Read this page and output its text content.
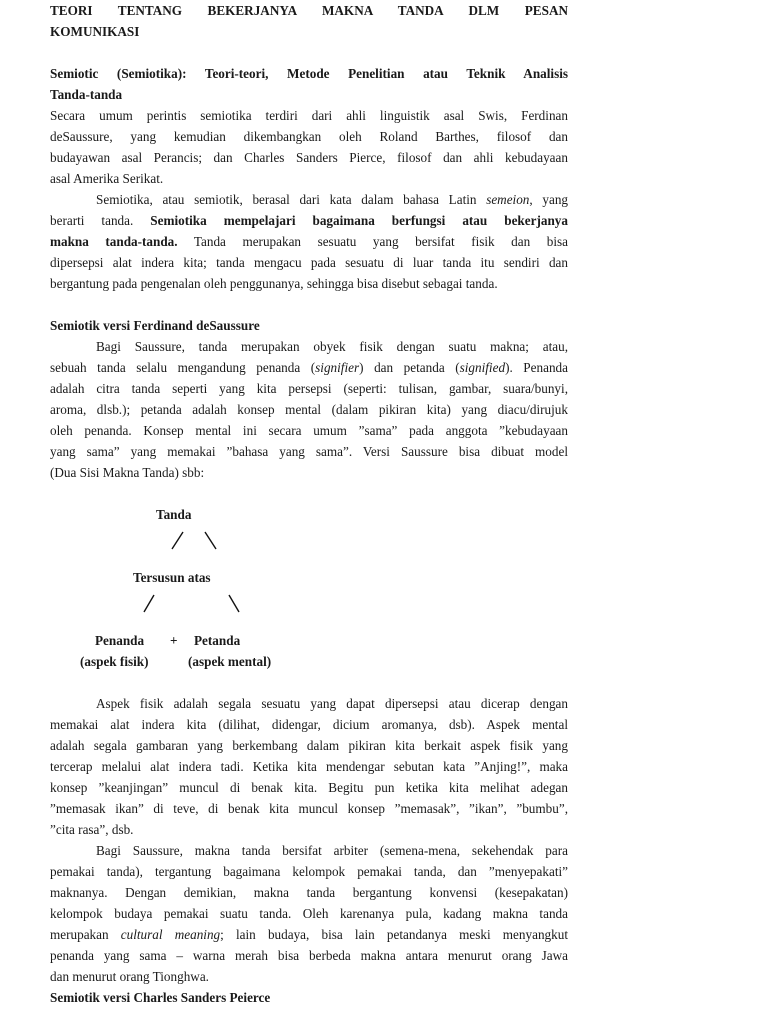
TEORI TENTANG BEKERJANYA MAKNA TANDA DLM PESAN
KOMUNIKASI
Semiotic (Semiotika): Teori-teori, Metode Penelitian atau Teknik Analisis
Tanda-tanda
Secara umum perintis semiotika terdiri dari ahli linguistik asal Swis, Ferdinan
deSaussure, yang kemudian dikembangkan oleh Roland Barthes, filosof dan
budayawan asal Perancis; dan Charles Sanders Pierce, filosof dan ahli kebudayaan
asal Amerika Serikat.
Semiotika, atau semiotik, berasal dari kata dalam bahasa Latin semeion, yang
berarti tanda. Semiotika mempelajari bagaimana berfungsi atau bekerjanya
makna tanda-tanda. Tanda merupakan sesuatu yang bersifat fisik dan bisa
dipersepsi alat indera kita; tanda mengacu pada sesuatu di luar tanda itu sendiri dan
bergantung pada pengenalan oleh penggunanya, sehingga bisa disebut sebagai tanda.
Semiotik versi Ferdinand deSaussure
Bagi Saussure, tanda merupakan obyek fisik dengan suatu makna; atau,
sebuah tanda selalu mengandung penanda (signifier) dan petanda (signified). Penanda
adalah citra tanda seperti yang kita persepsi (seperti: tulisan, gambar, suara/bunyi,
aroma, dlsb.); petanda adalah konsep mental (dalam pikiran kita) yang diacu/dirujuk
oleh penanda. Konsep mental ini secara umum ”sama” pada anggota ”kebudayaan
yang sama” yang memakai ”bahasa yang sama”. Versi Saussure bisa dibuat model
(Dua Sisi Makna Tanda) sbb:
Tanda
Tersusun atas
Penanda + Petanda
(aspek fisik)	(aspek mental)
Aspek fisik adalah segala sesuatu yang dapat dipersepsi atau dicerap dengan
memakai alat indera kita (dilihat, didengar, dicium aromanya, dsb). Aspek mental
adalah segala gambaran yang berkembang dalam pikiran kita berkait aspek fisik yang
tercerap melalui alat indera tadi. Ketika kita mendengar sebutan kata ”Anjing!”, maka
konsep ”keanjingan” muncul di benak kita. Begitu pun ketika kita melihat adegan
”memasak ikan” di teve, di benak kita muncul konsep ”memasak”, ”ikan”, ”bumbu”,
”cita rasa”, dsb.
Bagi Saussure, makna tanda bersifat arbiter (semena-mena, sekehendak para
pemakai tanda), tergantung bagaimana kelompok pemakai tanda, dan ”menyepakati”
maknanya. Dengan demikian, makna tanda bergantung konvensi (kesepakatan)
kelompok budaya pemakai suatu tanda. Oleh karenanya pula, kadang makna tanda
merupakan cultural meaning; lain budaya, bisa lain petandanya meski menyangkut
penanda yang sama – warna merah bisa berbeda makna antara menurut orang Jawa
dan menurut orang Tionghwa.
Semiotik versi Charles Sanders Peierce
